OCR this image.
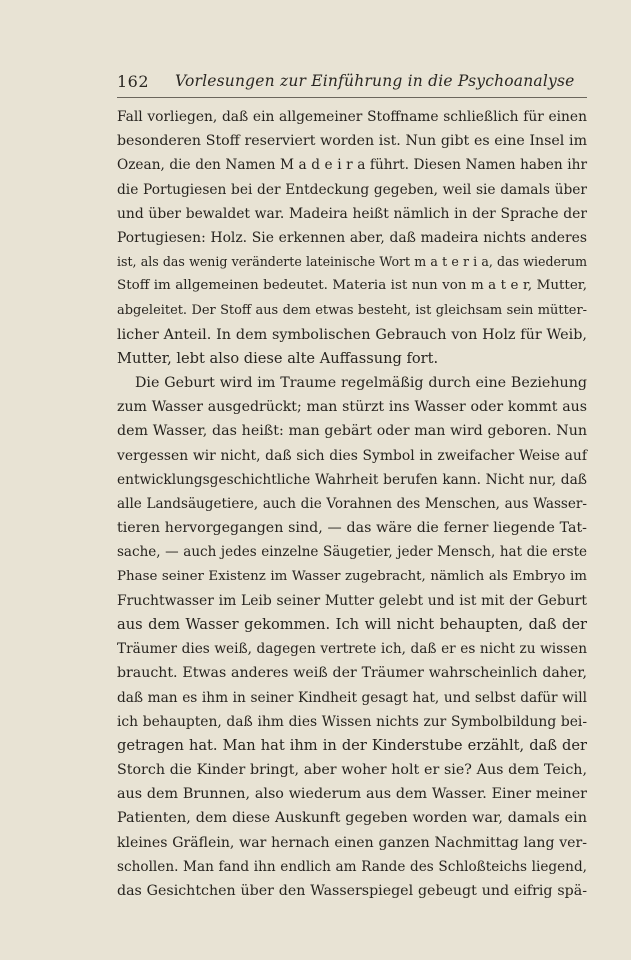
162 Vorlesungen zur Einführung in die Psychoanalyse
Fall vorliegen, daß ein allgemeiner Stoffname schließlich für einen
besonderen Stoff reserviert worden ist. Nun gibt es eine Insel im
Ozean, die den Namen M a d e i r a führt. Diesen Namen haben ihr
die Portugiesen bei der Entdeckung gegeben, weil sie damals über
und über bewaldet war. Madeira heißt nämlich in der Sprache der
Portugiesen: Holz. Sie erkennen aber, daß madeira nichts anderes
ist, als das wenig veränderte lateinische Wort m a t e r i a, das wiederum
Stoff im allgemeinen bedeutet. Materia ist nun von m a t e r, Mutter,
abgeleitet. Der Stoff aus dem etwas besteht, ist gleichsam sein mütter-
licher Anteil. In dem symbolischen Gebrauch von Holz für Weib,
Mutter, lebt also diese alte Auffassung fort.
Die Geburt wird im Traume regelmäßig durch eine Beziehung
zum Wasser ausgedrückt; man stürzt ins Wasser oder kommt aus
dem Wasser, das heißt: man gebärt oder man wird geboren. Nun
vergessen wir nicht, daß sich dies Symbol in zweifacher Weise auf
entwicklungsgeschichtliche Wahrheit berufen kann. Nicht nur, daß
alle Landsäugetiere, auch die Vorahnen des Menschen, aus Wasser-
tieren hervorgegangen sind, — das wäre die ferner liegende Tat-
sache, — auch jedes einzelne Säugetier, jeder Mensch, hat die erste
Phase seiner Existenz im Wasser zugebracht, nämlich als Embryo im
Fruchtwasser im Leib seiner Mutter gelebt und ist mit der Geburt
aus dem Wasser gekommen. Ich will nicht behaupten, daß der
Träumer dies weiß, dagegen vertrete ich, daß er es nicht zu wissen
braucht. Etwas anderes weiß der Träumer wahrscheinlich daher,
daß man es ihm in seiner Kindheit gesagt hat, und selbst dafür will
ich behaupten, daß ihm dies Wissen nichts zur Symbolbildung bei-
getragen hat. Man hat ihm in der Kinderstube erzählt, daß der
Storch die Kinder bringt, aber woher holt er sie? Aus dem Teich,
aus dem Brunnen, also wiederum aus dem Wasser. Einer meiner
Patienten, dem diese Auskunft gegeben worden war, damals ein
kleines Gräflein, war hernach einen ganzen Nachmittag lang ver-
schollen. Man fand ihn endlich am Rande des Schloßteichs liegend,
das Gesichtchen über den Wasserspiegel gebeugt und eifrig spä-
